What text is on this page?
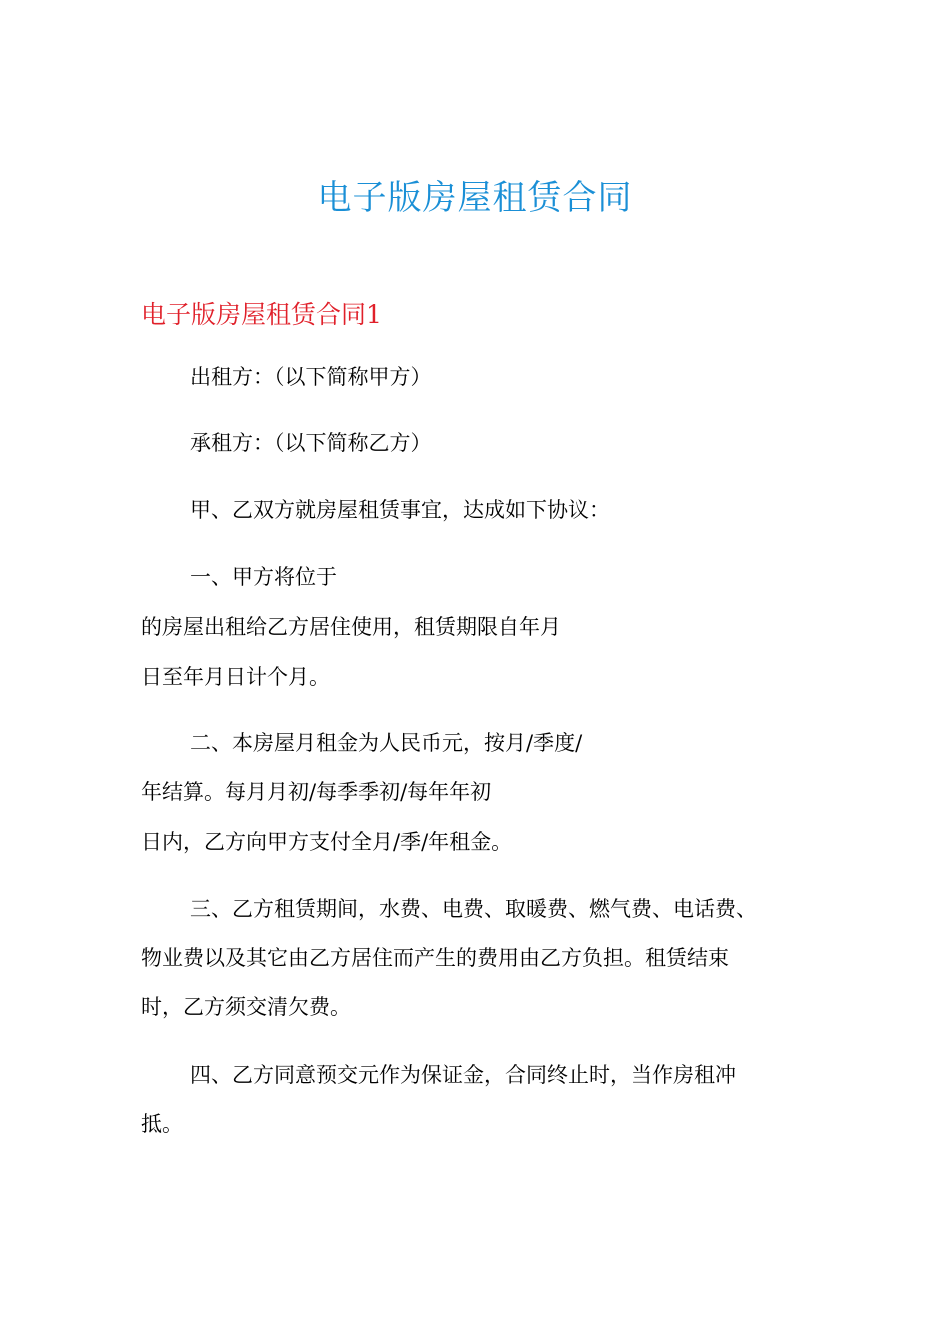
电子版房屋租赁合同
电子版房屋租赁合同1
出租方：（以下简称甲方）
承租方：（以下简称乙方）
甲、乙双方就房屋租赁事宜，达成如下协议：
一、甲方将位于
的房屋出租给乙方居住使用，租赁期限自年月
日至年月日计个月。
二、本房屋月租金为人民币元，按月/季度/
年结算。每月月初/每季季初/每年年初
日内，乙方向甲方支付全月/季/年租金。
三、乙方租赁期间，水费、电费、取暖费、燃气费、电话费、
物业费以及其它由乙方居住而产生的费用由乙方负担。租赁结束
时，乙方须交清欠费。
四、乙方同意预交元作为保证金，合同终止时，当作房租冲
抵。
